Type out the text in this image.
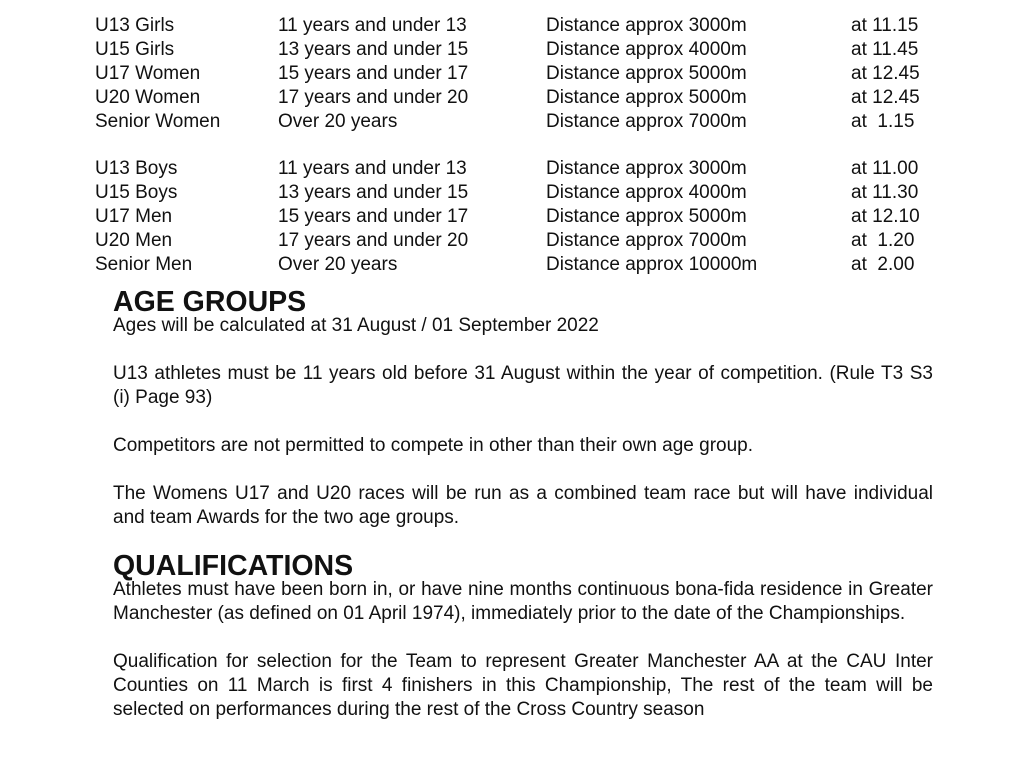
U13 Girls	11 years and under 13	Distance approx 3000m	at 11.15
U15 Girls	13 years and under 15	Distance approx 4000m	at 11.45
U17 Women	15 years and under 17	Distance approx 5000m	at 12.45
U20 Women	17 years and under 20	Distance approx 5000m	at 12.45
Senior Women	Over 20 years	Distance approx 7000m	at  1.15
U13 Boys	11 years and under 13	Distance approx 3000m	at 11.00
U15 Boys	13 years and under 15	Distance approx 4000m	at 11.30
U17 Men	15 years and under 17	Distance approx 5000m	at 12.10
U20 Men	17 years and under 20	Distance approx 7000m	at  1.20
Senior Men	Over 20 years	Distance approx 10000m	at  2.00
AGE GROUPS

Ages will be calculated at 31 August / 01 September 2022

U13 athletes must be 11 years old before 31 August within the year of competition. (Rule T3 S3 (i) Page 93)

Competitors are not permitted to compete in other than their own age group.

The Womens U17 and U20 races will be run as a combined team race but will have individual and team Awards for the two age groups.

QUALIFICATIONS

Athletes must have been born in, or have nine months continuous bona-fida residence in Greater Manchester (as defined on 01 April 1974), immediately prior to the date of the Championships.

Qualification for selection for the Team to represent Greater Manchester AA at the CAU Inter Counties on 11 March is first 4 finishers in this Championship, The rest of the team will be selected on performances during the rest of the Cross Country season
